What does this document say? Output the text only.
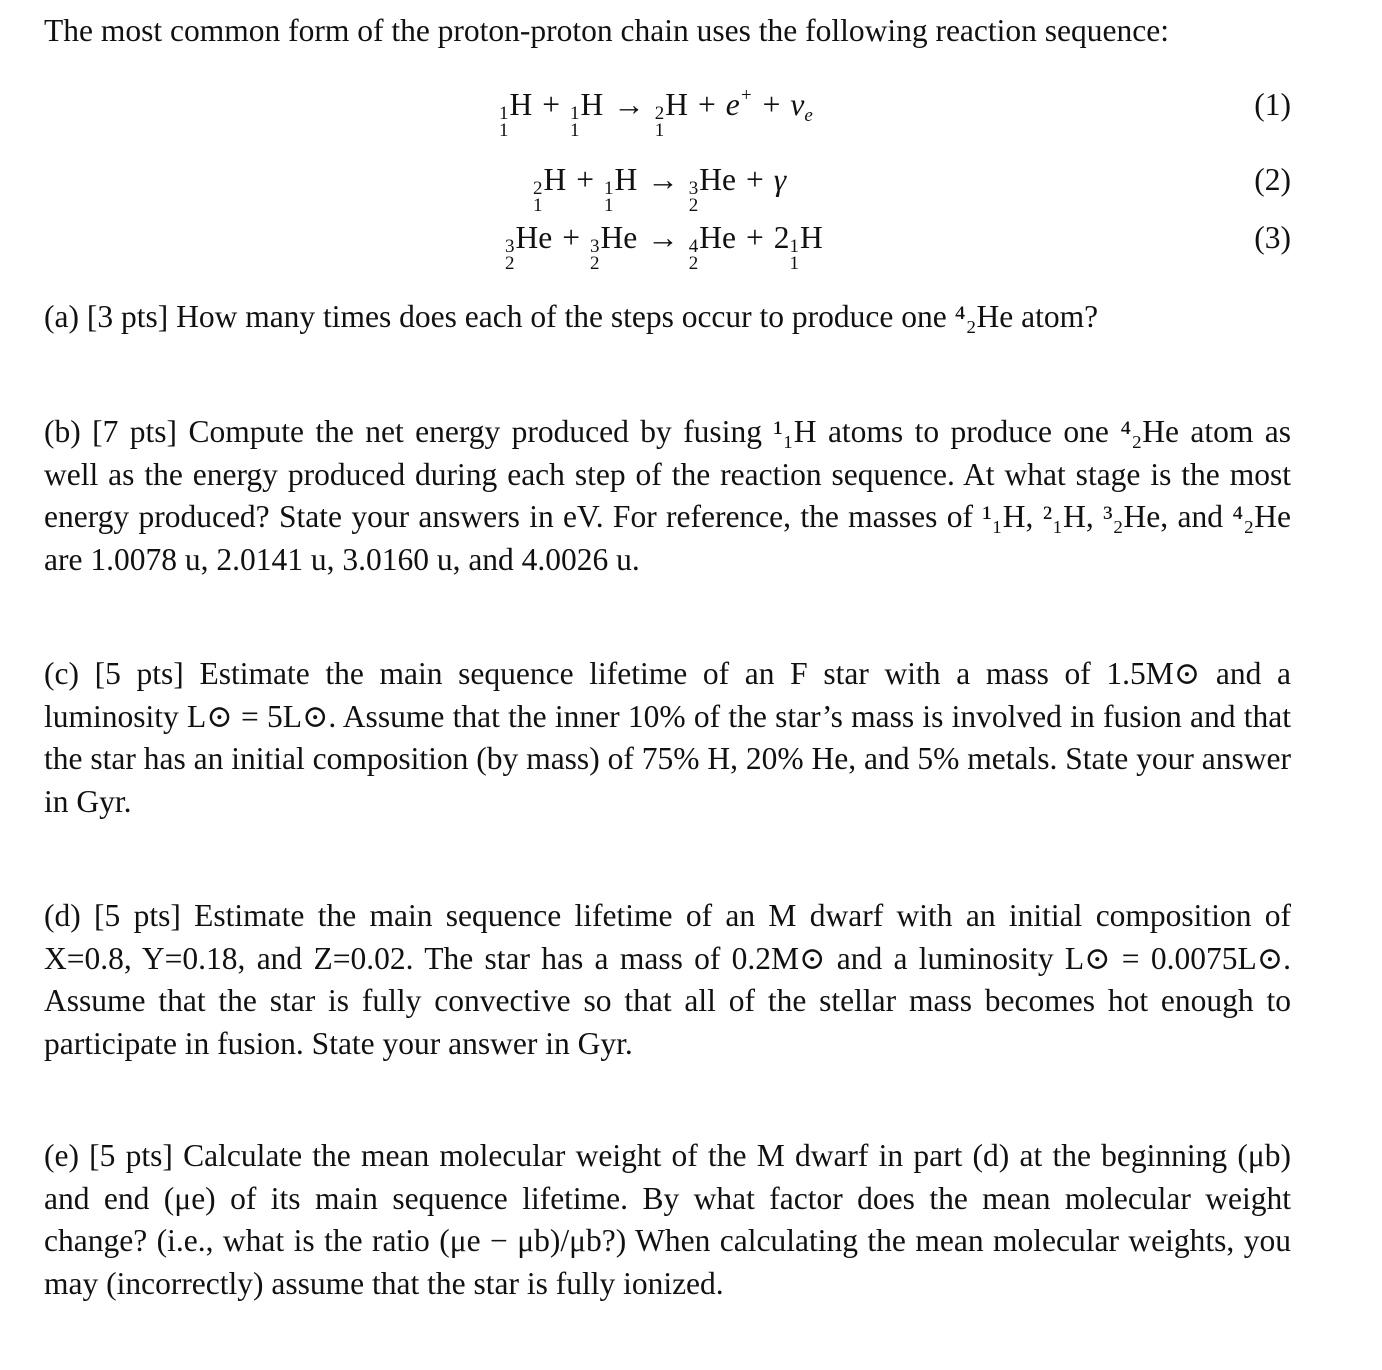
The most common form of the proton-proton chain uses the following reaction sequence:

1
1
H + 1
1
H → 2
1
$H + e^+ + \nu_e$	(1)
2
1
H + 1
1
H → 3
2
He + γ	(2)
3
2
He + 3
2
He → 4
2
He + 2 1
1
H	(3)

(a) [3 pts] How many times does each of the steps occur to produce one ⁴₂He atom?

(b) [7 pts] Compute the net energy produced by fusing ¹₁H atoms to produce one ⁴₂He atom as well as the energy produced during each step of the reaction sequence. At what stage is the most energy produced? State your answers in eV. For reference, the masses of ¹₁H, ²₁H, ³₂He, and ⁴₂He are 1.0078 u, 2.0141 u, 3.0160 u, and 4.0026 u.

(c) [5 pts] Estimate the main sequence lifetime of an F star with a mass of 1.5M⊙ and a luminosity L⊙ = 5L⊙. Assume that the inner 10% of the star’s mass is involved in fusion and that the star has an initial composition (by mass) of 75% H, 20% He, and 5% metals. State your answer in Gyr.

(d) [5 pts] Estimate the main sequence lifetime of an M dwarf with an initial composition of X=0.8, Y=0.18, and Z=0.02. The star has a mass of 0.2M⊙ and a luminosity L⊙ = 0.0075L⊙. Assume that the star is fully convective so that all of the stellar mass becomes hot enough to participate in fusion. State your answer in Gyr.

(e) [5 pts] Calculate the mean molecular weight of the M dwarf in part (d) at the beginning (μb) and end (μe) of its main sequence lifetime. By what factor does the mean molecular weight change? (i.e., what is the ratio (μe − μb)/μb?) When calculating the mean molecular weights, you may (incorrectly) assume that the star is fully ionized.
